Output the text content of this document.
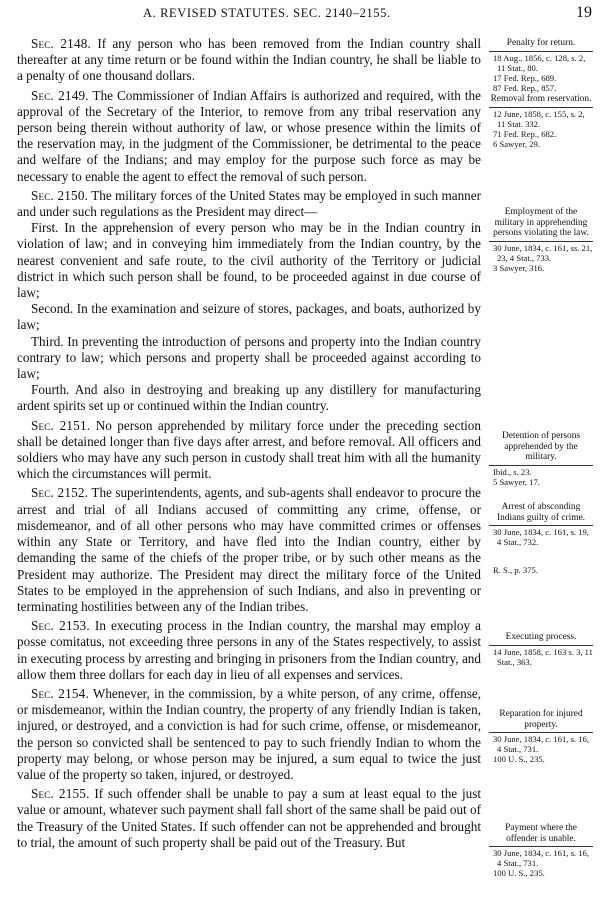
A. REVISED STATUTES. SEC. 2140–2155.	19

Sec. 2148. If any person who has been removed from the Indian country shall thereafter at any time return or be found within the Indian country, he shall be liable to a penalty of one thousand dollars.

Sec. 2149. The Commissioner of Indian Affairs is authorized and required, with the approval of the Secretary of the Interior, to remove from any tribal reservation any person being therein without authority of law, or whose presence within the limits of the reservation may, in the judgment of the Commissioner, be detrimental to the peace and welfare of the Indians; and may employ for the purpose such force as may be necessary to enable the agent to effect the removal of such person.

Sec. 2150. The military forces of the United States may be employed in such manner and under such regulations as the President may direct—

First. In the apprehension of every person who may be in the Indian country in violation of law; and in conveying him immediately from the Indian country, by the nearest convenient and safe route, to the civil authority of the Territory or judicial district in which such person shall be found, to be proceeded against in due course of law;

Second. In the examination and seizure of stores, packages, and boats, authorized by law;

Third. In preventing the introduction of persons and property into the Indian country contrary to law; which persons and property shall be proceeded against according to law;

Fourth. And also in destroying and breaking up any distillery for manufacturing ardent spirits set up or continued within the Indian country.

Sec. 2151. No person apprehended by military force under the preceding section shall be detained longer than five days after arrest, and before removal. All officers and soldiers who may have any such person in custody shall treat him with all the humanity which the circumstances will permit.

Sec. 2152. The superintendents, agents, and sub-agents shall endeavor to procure the arrest and trial of all Indians accused of committing any crime, offense, or misdemeanor, and of all other persons who may have committed crimes or offenses within any State or Territory, and have fled into the Indian country, either by demanding the same of the chiefs of the proper tribe, or by such other means as the President may authorize. The President may direct the military force of the United States to be employed in the apprehension of such Indians, and also in preventing or terminating hostilities between any of the Indian tribes.

Sec. 2153. In executing process in the Indian country, the marshal may employ a posse comitatus, not exceeding three persons in any of the States respectively, to assist in executing process by arresting and bringing in prisoners from the Indian country, and allow them three dollars for each day in lieu of all expenses and services.

Sec. 2154. Whenever, in the commission, by a white person, of any crime, offense, or misdemeanor, within the Indian country, the property of any friendly Indian is taken, injured, or destroyed, and a conviction is had for such crime, offense, or misdemeanor, the person so convicted shall be sentenced to pay to such friendly Indian to whom the property may belong, or whose person may be injured, a sum equal to twice the just value of the property so taken, injured, or destroyed.

Sec. 2155. If such offender shall be unable to pay a sum at least equal to the just value or amount, whatever such payment shall fall short of the same shall be paid out of the Treasury of the United States. If such offender can not be apprehended and brought to trial, the amount of such property shall be paid out of the Treasury. But

Penalty for return.
18 Aug., 1856, c. 128, s. 2, 11 Stat., 80.
17 Fed. Rep., 689.
87 Fed. Rep., 857.
Removal from reservation.
12 June, 1858, c. 155, s. 2, 11 Stat. 332.
71 Fed. Rep., 682.
6 Sawyer, 29.
Employment of the military in apprehending persons violating the law.
30 June, 1834, c. 161, ss. 21, 23, 4 Stat., 733.
3 Sawyer, 316.
Detention of persons apprehended by the military.
Ibid., s. 23.
5 Sawyer, 17.
Arrest of absconding Indians guilty of crime.
30 June, 1834, c. 161, s. 19, 4 Stat., 732.
R. S., p. 375.
Executing process.
14 June, 1858, c. 163 s. 3, 11 Stat., 363.
Reparation for injured property.
30 June, 1834, c. 161, s. 16, 4 Stat., 731.
100 U. S., 235.
Payment where the offender is unable.
30 June, 1834, c. 161, s. 16, 4 Stat., 731.
100 U. S., 235.
